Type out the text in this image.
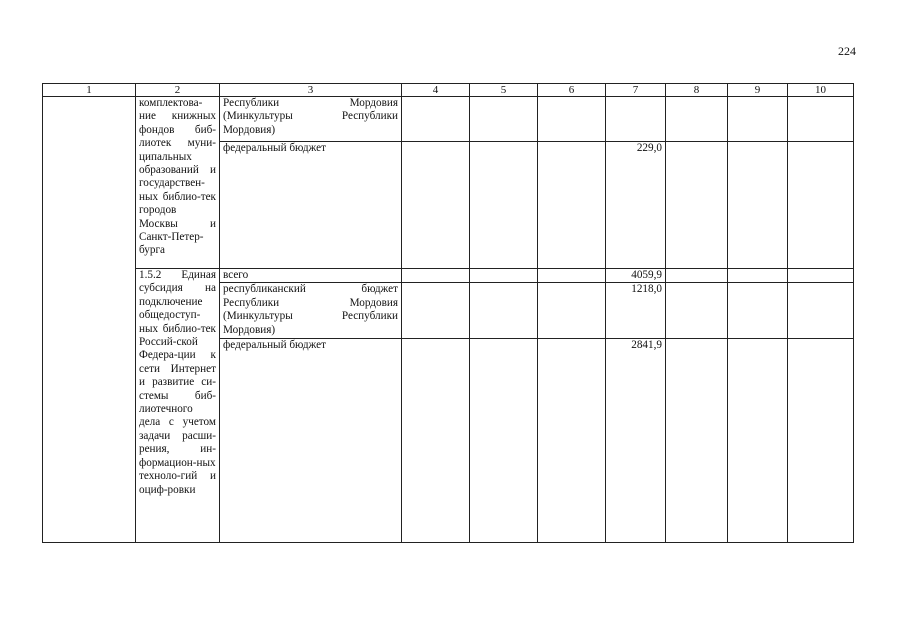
224
1	2	3	4	5	6	7	8	9	10
	комплектова-ние книжных фондов биб-лиотек муни-ципальных образований и государствен-ных библио-тек городов Москвы и Санкт-Петер-бурга	Республики Мордовия (Минкультуры Республики Мордовия)							
		федеральный бюджет				229,0			
	1.5.2 Единая субсидия на подключение общедоступ-ных библио-тек Россий-ской Федера-ции к сети Интернет и развитие си-стемы биб-лиотечного дела с учетом задачи расши-рения, ин-формацион-ных техноло-гий и оциф-ровки	всего				4059,9			
		республиканский бюджет Республики Мордовия (Минкультуры Республики Мордовия)				1218,0			
		федеральный бюджет				2841,9			
